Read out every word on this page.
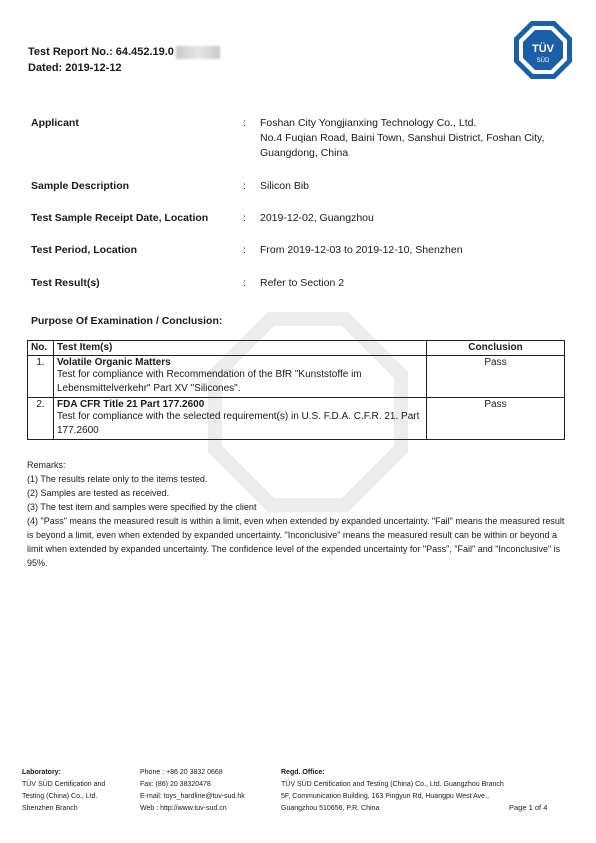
Test Report No.: 64.452.19.0
Dated: 2019-12-12
TÜV
SÜD
Applicant	: Foshan City Yongjianxing Technology Co., Ltd.
No.4 Fuqian Road, Baini Town, Sanshui District, Foshan City, Guangdong, China
Sample Description	: Silicon Bib
Test Sample Receipt Date, Location	: 2019-12-02, Guangzhou
Test Period, Location	: From 2019-12-03 to 2019-12-10, Shenzhen
Test Result(s)	: Refer to Section 2
Purpose Of Examination / Conclusion:
No.	Test Item(s)	Conclusion
1.	Volatile Organic Matters
Test for compliance with Recommendation of the BfR "Kunststoffe im Lebensmittelverkehr" Part XV "Silicones".	Pass
2.	FDA CFR Title 21 Part 177.2600
Test for compliance with the selected requirement(s) in U.S. F.D.A. C.F.R. 21. Part 177.2600	Pass

Remarks:

(1) The results relate only to the items tested.

(2) Samples are tested as received.

(3) The test item and samples were specified by the client

(4) "Pass" means the measured result is within a limit, even when extended by expanded uncertainty. "Fail" means the measured result is beyond a limit, even when extended by expanded uncertainty. "Inconclusive" means the measured result can be within or beyond a limit when extended by expanded uncertainty. The confidence level of the expended uncertainty for "Pass", "Fail" and "Inconclusive" is 95%.

Laboratory:

TÜV SÜD Certification and

Testing (China) Co., Ltd.

Shenzhen Branch

Phone : +86 20 3832 0668

Fax: (86) 20 38320478

E-mail: toys_hardline@tuv-sud.hk

Web : http://www.tuv-sud.cn

Regd. Office:

TÜV SÜD Certification and Testing (China) Co., Ltd. Guangzhou Branch

5F, Communication Building, 163 Pingyun Rd, Huangpu West Ave.,

Guangzhou 510656, P.R. China	Page 1 of 4
